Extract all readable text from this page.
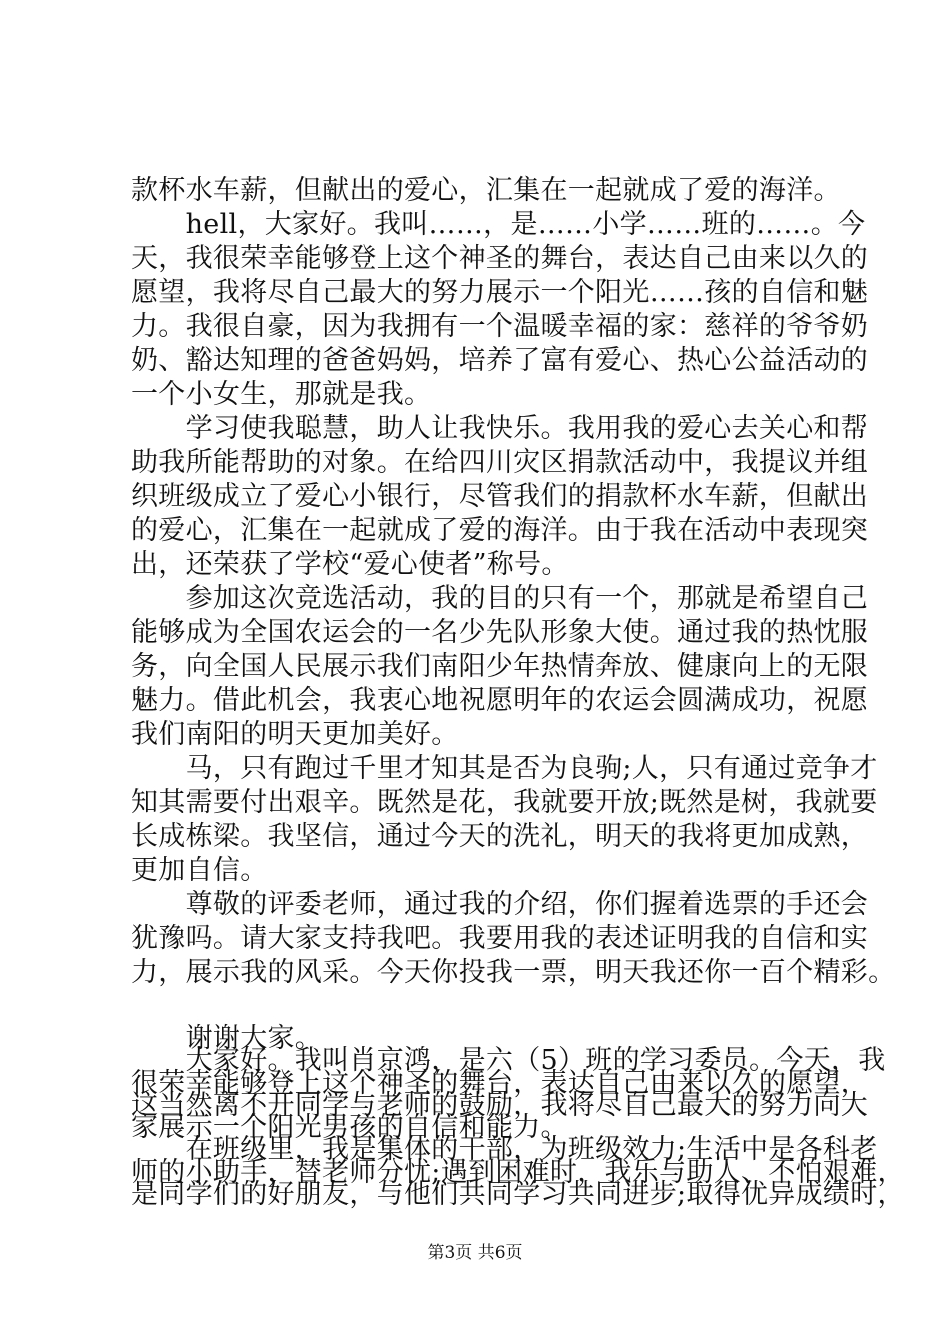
款杯水车薪，但献出的爱心，汇集在一起就成了爱的海洋。
　　hell，大家好。我叫……，是……小学……班的……。今
天，我很荣幸能够登上这个神圣的舞台，表达自己由来以久的
愿望，我将尽自己最大的努力展示一个阳光……孩的自信和魅
力。我很自豪，因为我拥有一个温暖幸福的家：慈祥的爷爷奶
奶、豁达知理的爸爸妈妈，培养了富有爱心、热心公益活动的
一个小女生，那就是我。
　　学习使我聪慧，助人让我快乐。我用我的爱心去关心和帮
助我所能帮助的对象。在给四川灾区捐款活动中，我提议并组
织班级成立了爱心小银行，尽管我们的捐款杯水车薪，但献出
的爱心，汇集在一起就成了爱的海洋。由于我在活动中表现突
出，还荣获了学校“爱心使者”称号。
　　参加这次竞选活动，我的目的只有一个，那就是希望自己
能够成为全国农运会的一名少先队形象大使。通过我的热忱服
务，向全国人民展示我们南阳少年热情奔放、健康向上的无限
魅力。借此机会，我衷心地祝愿明年的农运会圆满成功，祝愿
我们南阳的明天更加美好。
　　马，只有跑过千里才知其是否为良驹;人，只有通过竞争才
知其需要付出艰辛。既然是花，我就要开放;既然是树，我就要
长成栋梁。我坚信，通过今天的洗礼，明天的我将更加成熟，
更加自信。
　　尊敬的评委老师，通过我的介绍，你们握着选票的手还会
犹豫吗。请大家支持我吧。我要用我的表述证明我的自信和实
力，展示我的风采。今天你投我一票，明天我还你一百个精彩。
　　谢谢大家。
　　大家好。我叫肖京鸿，是六（5）班的学习委员。今天，我
很荣幸能够登上这个神圣的舞台，表达自己由来以久的愿望，
这当然离不开同学与老师的鼓励，我将尽自己最大的努力向大
家展示一个阳光男孩的自信和能力。
　　在班级里，我是集体的干部，为班级效力;生活中是各科老
师的小助手，替老师分忧;遇到困难时，我乐与助人、不怕艰难，
是同学们的好朋友，与他们共同学习共同进步;取得优异成绩时，
第3页 共6页
